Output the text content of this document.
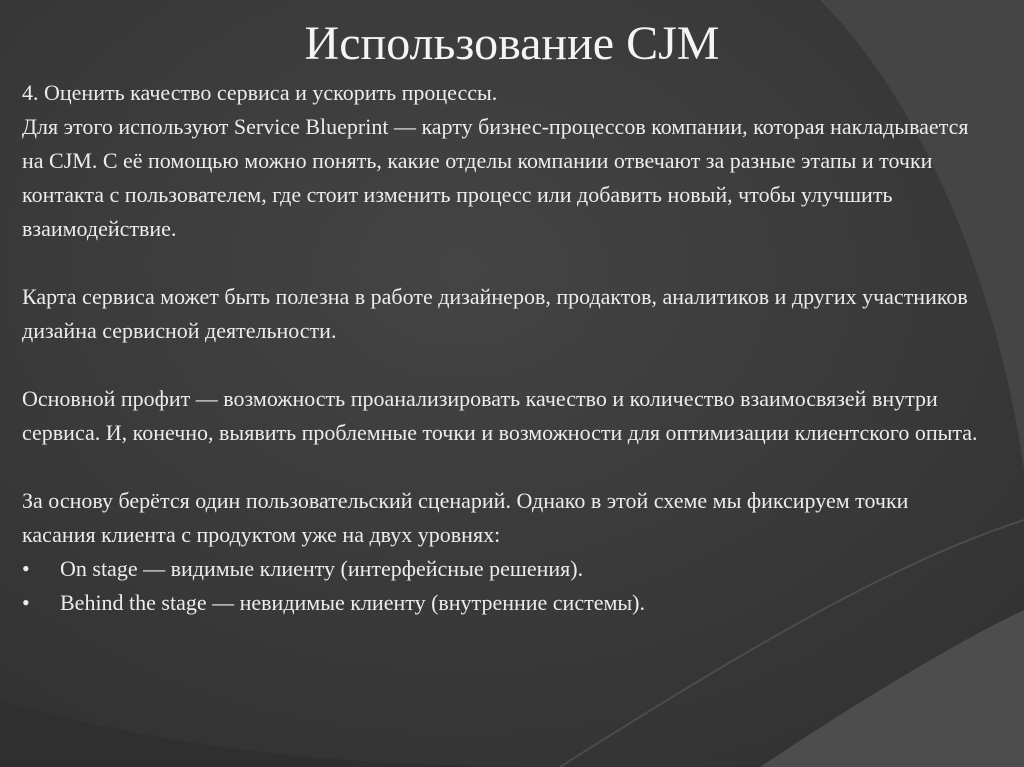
Использование CJM

4. Оценить качество сервиса и ускорить процессы.

Для этого используют Service Blueprint — карту бизнес-процессов компании, которая накладывается на CJM. С её помощью можно понять, какие отделы компании отвечают за разные этапы и точки контакта с пользователем, где стоит изменить процесс или добавить новый, чтобы улучшить взаимодействие.

Карта сервиса может быть полезна в работе дизайнеров, продактов, аналитиков и других участников дизайна сервисной деятельности.

Основной профит — возможность проанализировать качество и количество взаимосвязей внутри сервиса. И, конечно, выявить проблемные точки и возможности для оптимизации клиентского опыта.

За основу берётся один пользовательский сценарий. Однако в этой схеме мы фиксируем точки касания клиента с продуктом уже на двух уровнях:

• On stage — видимые клиенту (интерфейсные решения).
• Behind the stage — невидимые клиенту (внутренние системы).
